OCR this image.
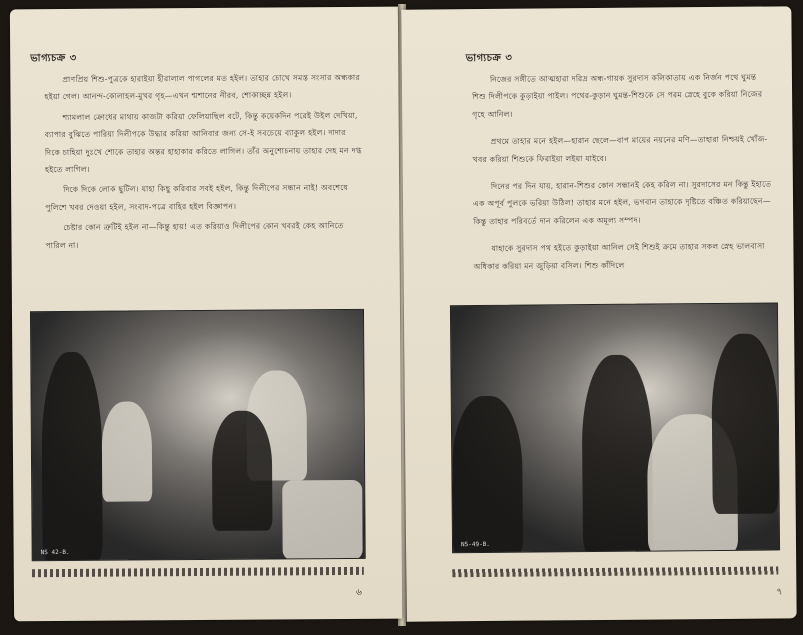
ভাগ্যচক্র ৩

প্রাণপ্রিয় শিশু-পুত্রকে হারাইয়া হীরালাল পাগলের মত হইল। তাহার চোখে সমস্ত সংসার অন্ধকার হইয়া গেল। আনন্দ-কোলাহল-মুখর গৃহ—এখন শ্মশানের নীরব, শোকাচ্ছন্ন হইল।

শ্যামলাল ক্রোধের মাথায় কাজটা করিয়া ফেলিয়াছিল বটে, কিন্তু কয়েকদিন পরেই উইল দেখিয়া, ব্যাপার বুঝিতে পারিয়া দিলীপকে উদ্ধার করিয়া আনিবার জন্য সে-ই সবচেয়ে ব্যাকুল হইল। দাদার দিকে চাহিয়া দুঃখে শোকে তাহার অন্তর হাহাকার করিতে লাগিল। তাঁর অনুশোচনায় তাহার দেহ মন দগ্ধ হইতে লাগিল।

দিকে দিকে লোক ছুটিল। যাহা কিছু করিবার সবই হইল, কিন্তু দিলীপের সন্ধান নাই! অবশেষে পুলিশে খবর দেওয়া হইল, সংবাদ-পত্রে বাহির হইল বিজ্ঞাপন।

চেষ্টার কোন ত্রুটিই হইল না—কিন্তু হায়! এত করিয়াও দিলীপের কোন খবরই কেহ আনিতে পারিল না।

NS 42-B.
৬
ভাগ্যচক্র ৩

নিজের সঙ্গীতে আত্মহারা দরিদ্র অন্ধ-গায়ক সুরদাস কলিকাতায় এক নির্জন পথে ঘুমন্ত শিশু দিলীপকে কুড়াইয়া পাইল। পথের-কুড়ান ঘুমন্ত-শিশুকে সে পরম স্নেহে বুকে করিয়া নিজের গৃহে আনিল।

প্রথমে তাহার মনে হইল—হারান ছেলে—বাপ মায়ের নয়নের মণি—তাহারা নিশ্চয়ই খোঁজ-খবর করিয়া শিশুকে ফিরাইয়া লইয়া যাইবে।

দিনের পর দিন যায়, হারান-শিশুর কোন সন্ধানই কেহ করিল না। সুরদাসের মন কিন্তু ইহাতে এক অপূর্ব পুলকে ভরিয়া উঠিল! তাহার মনে হইল, ভগবান তাহাকে দৃষ্টিতে বঞ্চিত করিয়াছেন—কিন্তু তাহার পরিবর্তে দান করিলেন এক অমূল্য সম্পদ।

যাহাকে সুরদাস পথ হইতে কুড়াইয়া আনিল সেই শিশুই ক্রমে তাহার সকল স্নেহ ভালবাসা অধিকার করিয়া মন জুড়িয়া বসিল। শিশু কাঁদিলে

NS-49-B.
৭
